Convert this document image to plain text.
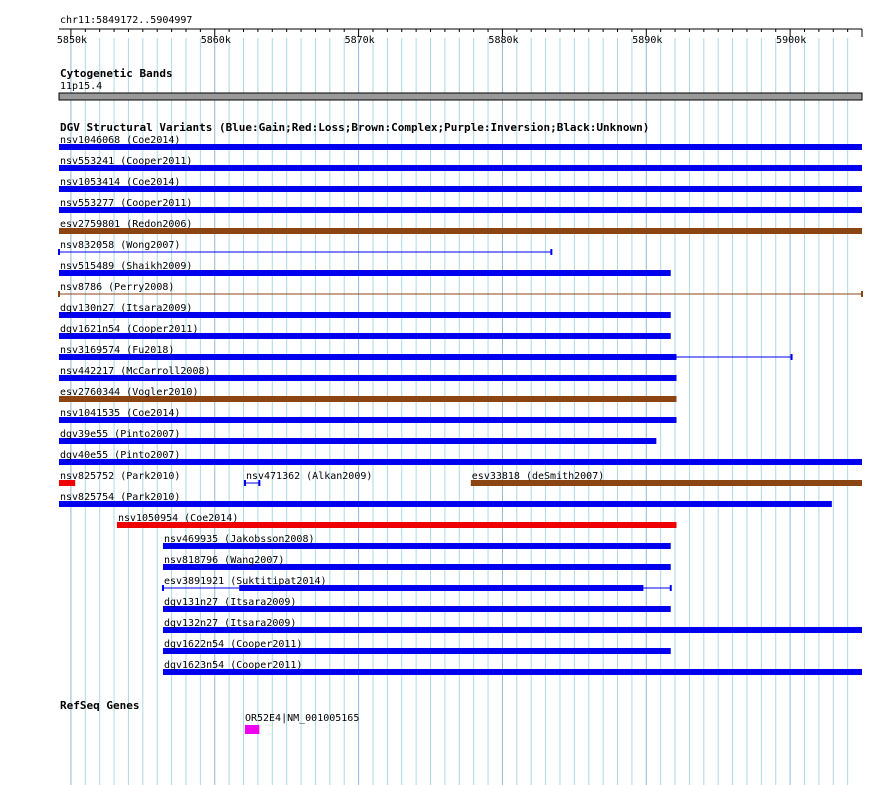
chr11:5849172..5904997
Cytogenetic Bands
11p15.4
DGV Structural Variants (Blue:Gain;Red:Loss;Brown:Complex;Purple:Inversion;Black:Unknown)
RefSeq Genes
5850k	5860k	5870k	5880k	5890k	5900k
nsv1046068 (Coe2014)
nsv553241 (Cooper2011)
nsv1053414 (Coe2014)
nsv553277 (Cooper2011)
esv2759801 (Redon2006)
nsv832058 (Wong2007)
nsv515489 (Shaikh2009)
nsv8786 (Perry2008)
dgv130n27 (Itsara2009)
dgv1621n54 (Cooper2011)
nsv3169574 (Fu2018)
nsv442217 (McCarroll2008)
esv2760344 (Vogler2010)
nsv1041535 (Coe2014)
dgv39e55 (Pinto2007)
dgv40e55 (Pinto2007)
nsv825752 (Park2010)	nsv471362 (Alkan2009)	esv33818 (deSmith2007)
nsv825754 (Park2010)
nsv1050954 (Coe2014)
nsv469935 (Jakobsson2008)
nsv818796 (Wang2007)
esv3891921 (Suktitipat2014)
dgv131n27 (Itsara2009)
dgv132n27 (Itsara2009)
dgv1622n54 (Cooper2011)
dgv1623n54 (Cooper2011)
OR52E4|NM_001005165
